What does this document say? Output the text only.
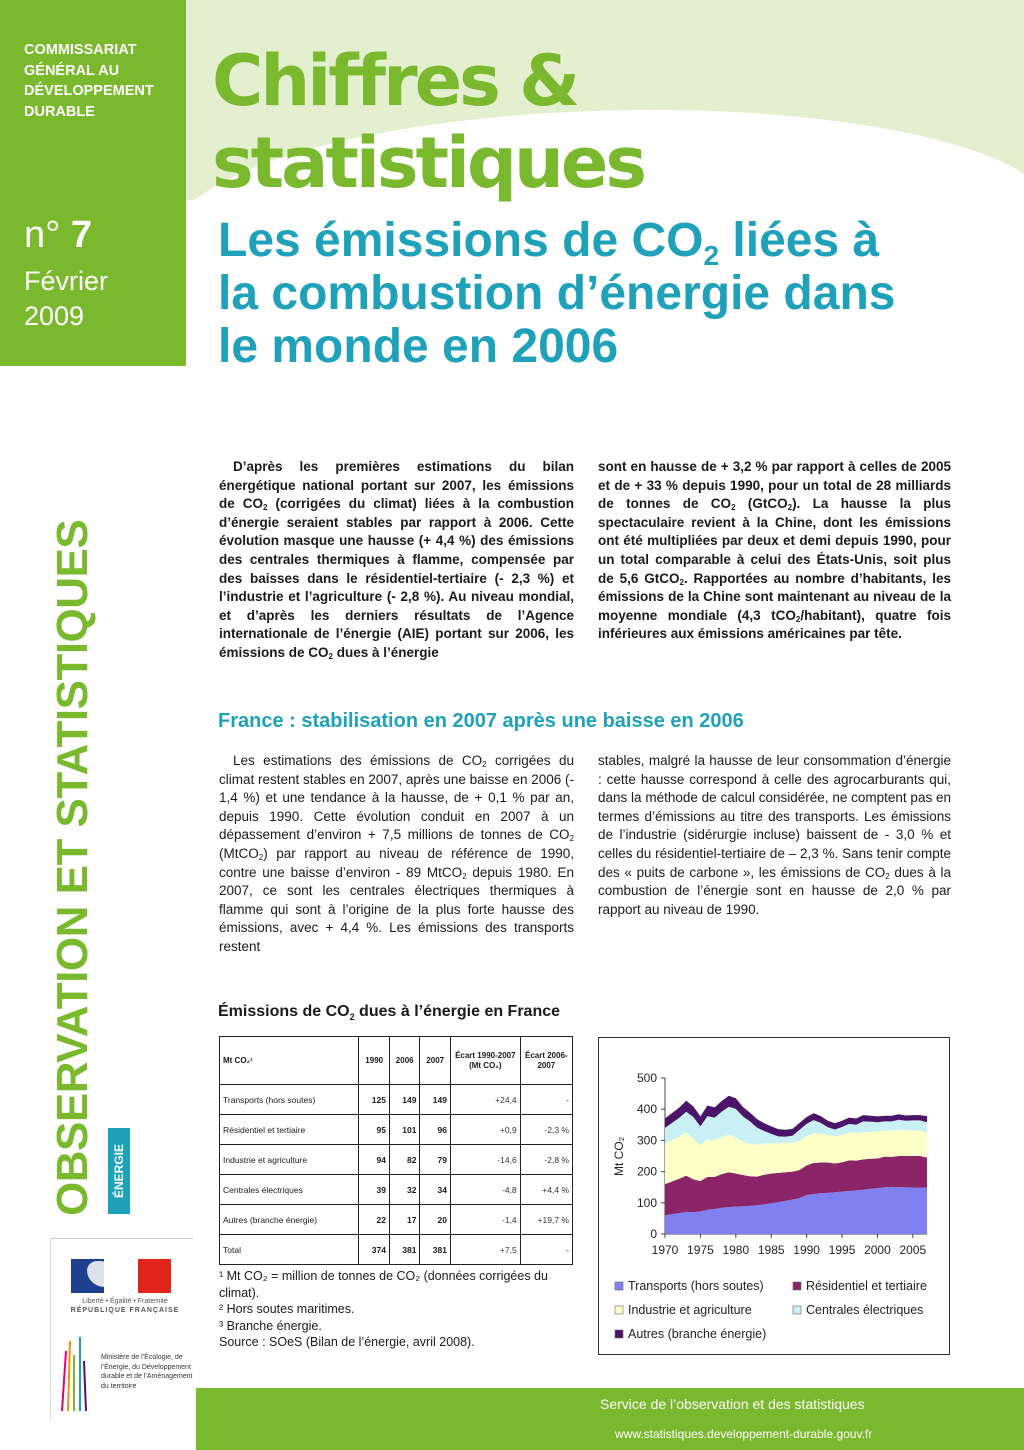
Chiffres & statistiques
COMMISSARIAT GÉNÉRAL AU DÉVELOPPEMENT DURABLE
n° 7
Février
2009
Les émissions de $CO_2$ liées à
la combustion d’énergie dans
le monde en 2006
OBSERVATION ET STATISTIQUES	ÉNERGIE
Liberté • Égalité • Fraternité
RÉPUBLIQUE FRANÇAISE
Ministère de l’Écologie, de l’Énergie, du Développement durable et de l’Aménagement du territoire
D’après les premières estimations du bilan énergétique national portant sur 2007, les émissions de $CO_2$ (corrigées du climat) liées à la combustion d’énergie seraient stables par rapport à 2006. Cette évolution masque une hausse (+ 4,4 %) des émissions des centrales thermiques à flamme, compensée par des baisses dans le résidentiel-tertiaire (- 2,3 %) et l’industrie et l’agriculture (- 2,8 %). Au niveau mondial, et d’après les derniers résultats de l’Agence internationale de l’énergie (AIE) portant sur 2006, les émissions de $CO_2$ dues à l’énergie
sont en hausse de + 3,2 % par rapport à celles de 2005 et de + 33 % depuis 1990, pour un total de 28 milliards de tonnes de $CO_2$ (GtCO$_2$). La hausse la plus spectaculaire revient à la Chine, dont les émissions ont été multipliées par deux et demi depuis 1990, pour un total comparable à celui des États-Unis, soit plus de 5,6 GtCO$_2$. Rapportées au nombre d’habitants, les émissions de la Chine sont maintenant au niveau de la moyenne mondiale (4,3 tCO$_2$/habitant), quatre fois inférieures aux émissions américaines par tête.
France : stabilisation en 2007 après une baisse en 2006
Les estimations des émissions de $CO_2$ corrigées du climat restent stables en 2007, après une baisse en 2006 (- 1,4 %) et une tendance à la hausse, de + 0,1 % par an, depuis 1990. Cette évolution conduit en 2007 à un dépassement d’environ + 7,5 millions de tonnes de $CO_2$ (MtCO$_2$) par rapport au niveau de référence de 1990, contre une baisse d’environ - 89 MtCO$_2$ depuis 1980. En 2007, ce sont les centrales électriques thermiques à flamme qui sont à l’origine de la plus forte hausse des émissions, avec + 4,4 %. Les émissions des transports restent
stables, malgré la hausse de leur consommation d’énergie : cette hausse correspond à celle des agrocarburants qui, dans la méthode de calcul considérée, ne comptent pas en termes d’émissions au titre des transports. Les émissions de l’industrie (sidérurgie incluse) baissent de - 3,0 % et celles du résidentiel-tertiaire de – 2,3 %. Sans tenir compte des « puits de carbone », les émissions de $CO_2$ dues à la combustion de l’énergie sont en hausse de 2,0 % par rapport au niveau de 1990.
Émissions de $CO_2$ dues à l’énergie en France
Mt CO₂¹	1990	2006	2007	Écart 1990-2007 (Mt CO₂)	Écart 2006-2007
Transports (hors soutes)	125	149	149	+24,4	-
Résidentiel et tertiaire	95	101	96	+0,9	-2,3 %
Industrie et agriculture	94	82	79	-14,6	-2,8 %
Centrales électriques	39	32	34	-4,8	+4,4 %
Autres (branche énergie)	22	17	20	-1,4	+19,7 %
Total	374	381	381	+7,5	-
¹ Mt CO₂ = million de tonnes de CO₂ (données corrigées du climat).
² Hors soutes maritimes.
³ Branche énergie.
Source : SOeS (Bilan de l’énergie, avril 2008).
0
100
200
300
400
500
1970 1975 1980 1985 1990 1995 2000 2005
Mt CO₂
Transports (hors soutes)	Résidentiel et tertiaire
Industrie et agriculture	Centrales électriques
Autres (branche énergie)
Service de l’observation et des statistiques
www.statistiques.developpement-durable.gouv.fr
